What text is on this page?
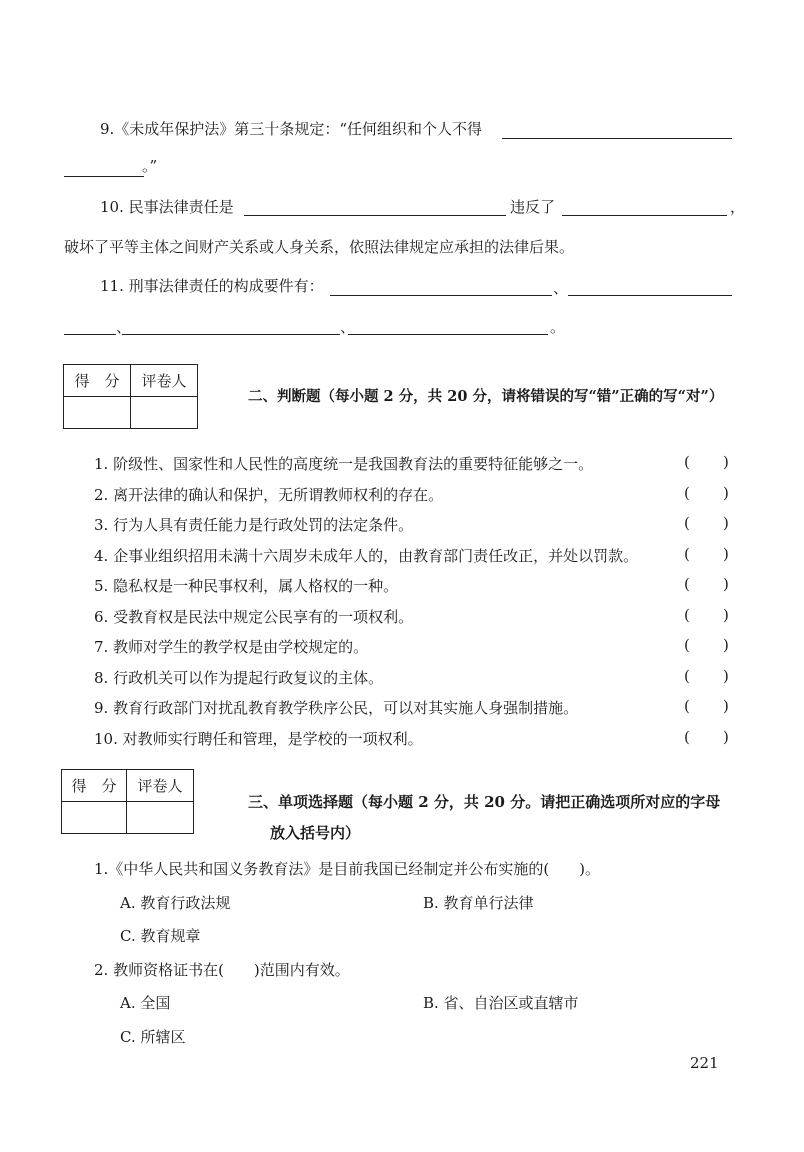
9.《未成年保护法》第三十条规定：“任何组织和个人不得
。”
10. 民事法律责任是	违反了	，
破坏了平等主体之间财产关系或人身关系，依照法律规定应承担的法律后果。
11. 刑事法律责任的构成要件有：	、
、	、	。
得　分	评卷人

二、判断题（每小题 2 分，共 20 分，请将错误的写“错”正确的写“对”）
1. 阶级性、国家性和人民性的高度统一是我国教育法的重要特征能够之一。	( )
2. 离开法律的确认和保护，无所谓教师权利的存在。	( )
3. 行为人具有责任能力是行政处罚的法定条件。	( )
4. 企事业组织招用未满十六周岁未成年人的，由教育部门责任改正，并处以罚款。	( )
5. 隐私权是一种民事权利，属人格权的一种。	( )
6. 受教育权是民法中规定公民享有的一项权利。	( )
7. 教师对学生的教学权是由学校规定的。	( )
8. 行政机关可以作为提起行政复议的主体。	( )
9. 教育行政部门对扰乱教育教学秩序公民，可以对其实施人身强制措施。	( )
10. 对教师实行聘任和管理，是学校的一项权利。	( )
得　分	评卷人

三、单项选择题（每小题 2 分，共 20 分。请把正确选项所对应的字母
放入括号内）
1.《中华人民共和国义务教育法》是目前我国已经制定并公布实施的(　　)。
A. 教育行政法规	B. 教育单行法律
C. 教育规章
2. 教师资格证书在(　　)范围内有效。
A. 全国	B. 省、自治区或直辖市
C. 所辖区
221
